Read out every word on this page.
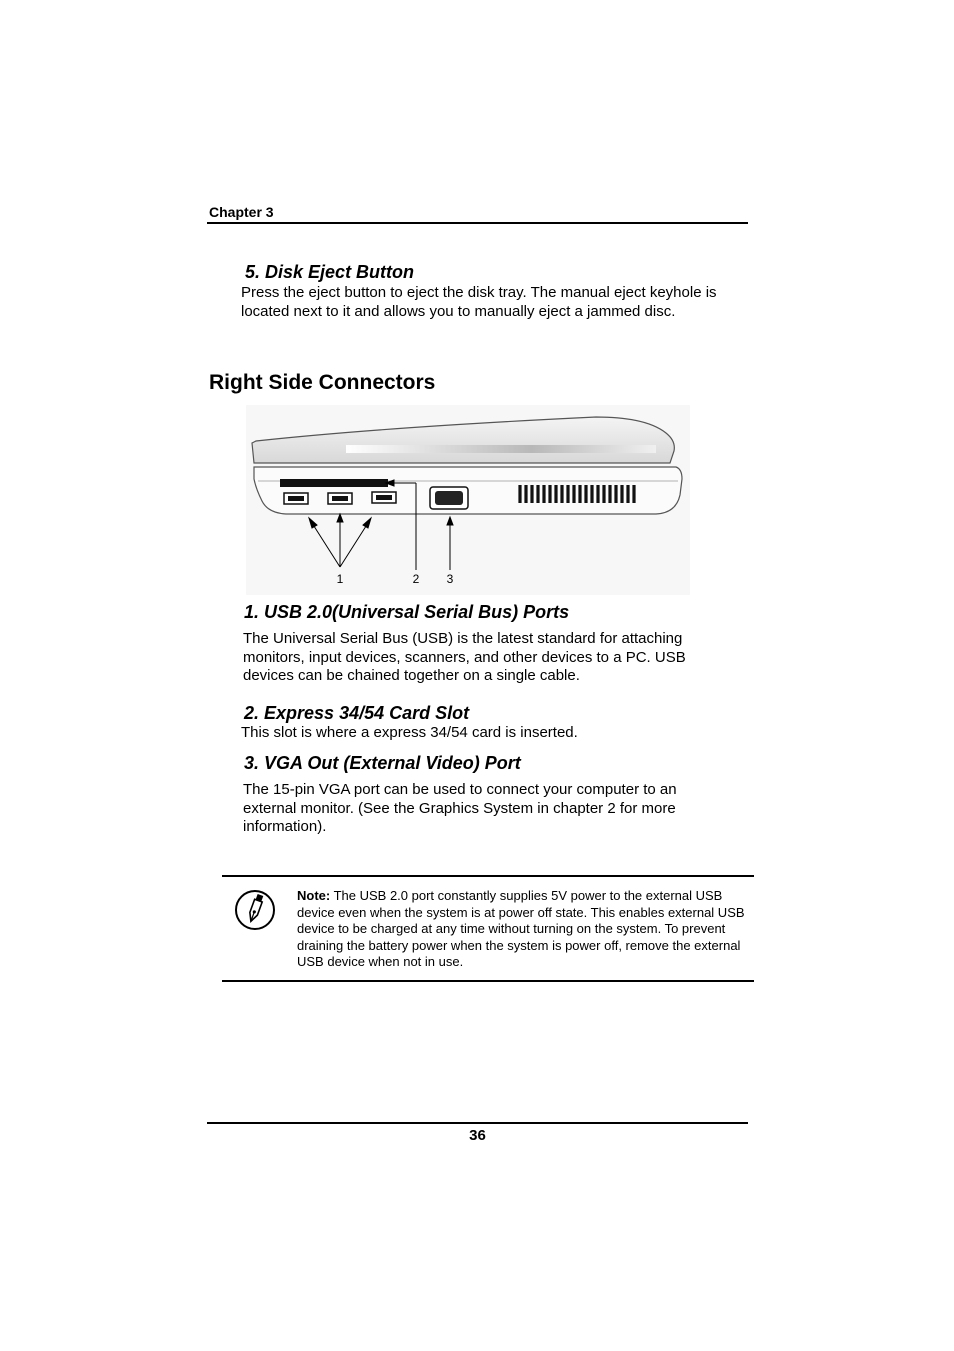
Chapter 3
5. Disk Eject Button
Press the eject button to eject the disk tray. The manual eject keyhole is located next to it and allows you to manually eject a jammed disc.
Right Side Connectors
1	2 3
1. USB 2.0(Universal Serial Bus) Ports
The Universal Serial Bus (USB) is the latest standard for attaching monitors, input devices, scanners, and other devices to a PC. USB devices can be chained together on a single cable.
2. Express 34/54 Card Slot
This slot is where a express 34/54 card is inserted.
3. VGA Out (External Video) Port
The 15-pin VGA port can be used to connect your computer to an external monitor. (See the Graphics System in chapter 2 for more information).
Note: The USB 2.0 port constantly supplies 5V power to the external USB device even when the system is at power off state. This enables external USB device to be charged at any time without turning on the system. To prevent draining the battery power when the system is power off, remove the external USB device when not in use.
36
